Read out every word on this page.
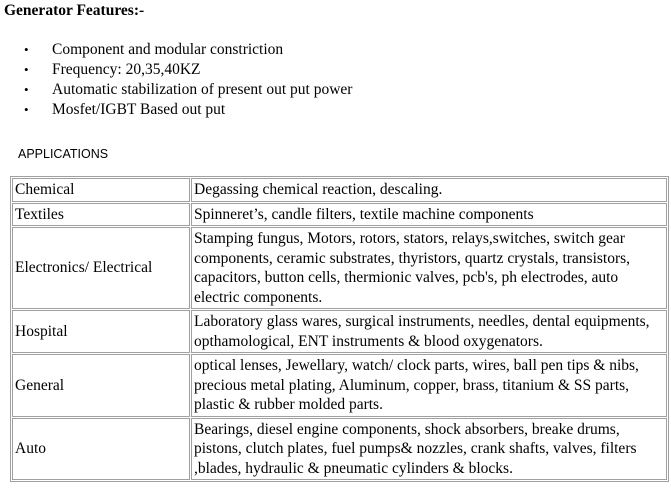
Generator Features:-
• Component and modular constriction
• Frequency: 20,35,40KZ
• Automatic stabilization of present out put power
• Mosfet/IGBT Based out put
APPLICATIONS
Chemical	Degassing chemical reaction, descaling.
Textiles	Spinneret’s, candle filters, textile machine components
Electronics/ Electrical	Stamping fungus, Motors, rotors, stators, relays,switches, switch gear components, ceramic substrates, thyristors, quartz crystals, transistors, capacitors, button cells, thermionic valves, pcb's, ph electrodes, auto electric components.
Hospital	Laboratory glass wares, surgical instruments, needles, dental equipments, opthamological, ENT instruments & blood oxygenators.
General	optical lenses, Jewellary, watch/ clock parts, wires, ball pen tips & nibs, precious metal plating, Aluminum, copper, brass, titanium & SS parts, plastic & rubber molded parts.
Auto	Bearings, diesel engine components, shock absorbers, breake drums, pistons, clutch plates, fuel pumps& nozzles, crank shafts, valves, filters ,blades, hydraulic & pneumatic cylinders & blocks.
